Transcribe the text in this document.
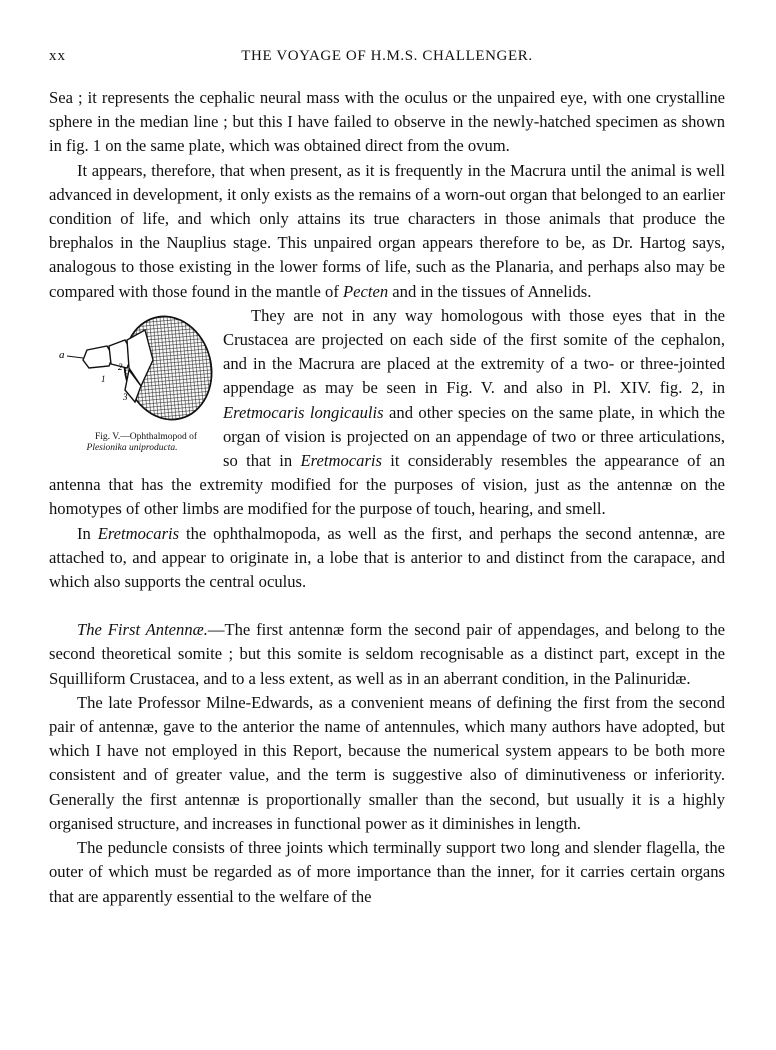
xx	THE VOYAGE OF H.M.S. CHALLENGER.

Sea ; it represents the cephalic neural mass with the oculus or the unpaired eye, with one crystalline sphere in the median line ; but this I have failed to observe in the newly-hatched specimen as shown in fig. 1 on the same plate, which was obtained direct from the ovum.

It appears, therefore, that when present, as it is frequently in the Macrura until the animal is well advanced in development, it only exists as the remains of a worn-out organ that belonged to an earlier condition of life, and which only attains its true characters in those animals that produce the brephalos in the Nauplius stage. This unpaired organ appears therefore to be, as Dr. Hartog says, analogous to those existing in the lower forms of life, such as the Planaria, and perhaps also may be compared with those found in the mantle of Pecten and in the tissues of Annelids.

a
1
2
3
Fig. V.—Ophthalmopod of
Plesionika uniproducta.
They are not in any way homologous with those eyes that in the Crustacea are projected on each side of the first somite of the cephalon, and in the Macrura are placed at the extremity of a two- or three-jointed appendage as may be seen in Fig. V. and also in Pl. XIV. fig. 2, in Eretmocaris longicaulis and other species on the same plate, in which the organ of vision is projected on an appendage of two or three articulations, so that in Eretmocaris it considerably resembles the appearance of an antenna that has the extremity modified for the purposes of vision, just as the antennæ on the homotypes of other limbs are modified for the purpose of touch, hearing, and smell.

In Eretmocaris the ophthalmopoda, as well as the first, and perhaps the second antennæ, are attached to, and appear to originate in, a lobe that is anterior to and distinct from the carapace, and which also supports the central oculus.

The First Antennæ.—The first antennæ form the second pair of appendages, and belong to the second theoretical somite ; but this somite is seldom recognisable as a distinct part, except in the Squilliform Crustacea, and to a less extent, as well as in an aberrant condition, in the Palinuridæ.

The late Professor Milne-Edwards, as a convenient means of defining the first from the second pair of antennæ, gave to the anterior the name of antennules, which many authors have adopted, but which I have not employed in this Report, because the numerical system appears to be both more consistent and of greater value, and the term is suggestive also of diminutiveness or inferiority. Generally the first antennæ is proportionally smaller than the second, but usually it is a highly organised structure, and increases in functional power as it diminishes in length.

The peduncle consists of three joints which terminally support two long and slender flagella, the outer of which must be regarded as of more importance than the inner, for it carries certain organs that are apparently essential to the welfare of the
